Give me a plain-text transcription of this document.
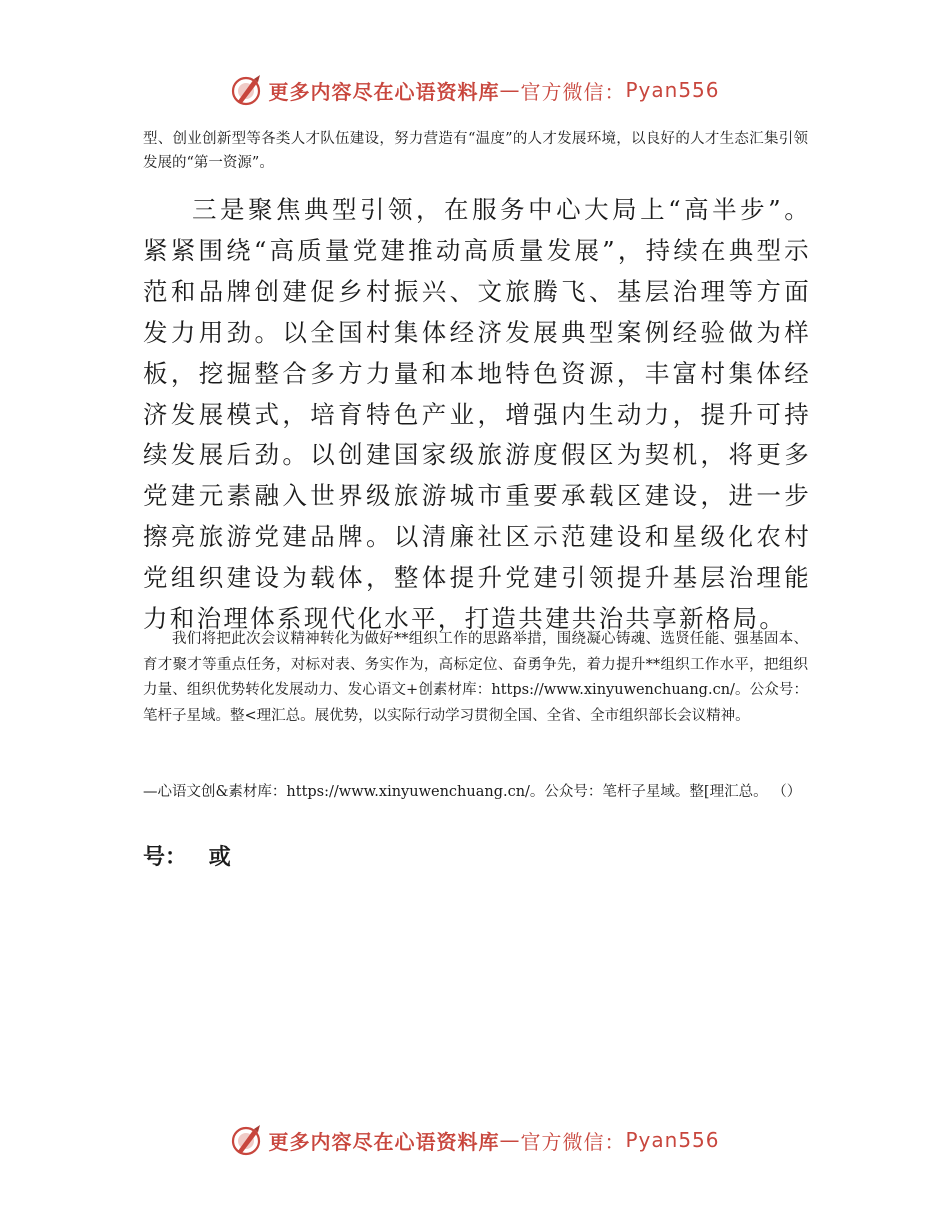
更多内容尽在心语资料库 — 官方微信： Pyan556

型、创业创新型等各类人才队伍建设，努力营造有“温度”的人才发展环境，以良好的人才生态汇集引领发展的“第一资源”。

三是聚焦典型引领，在服务中心大局上“高半步”。紧紧围绕“高质量党建推动高质量发展”，持续在典型示范和品牌创建促乡村振兴、文旅腾飞、基层治理等方面发力用劲。以全国村集体经济发展典型案例经验做为样板，挖掘整合多方力量和本地特色资源，丰富村集体经济发展模式，培育特色产业，增强内生动力，提升可持续发展后劲。以创建国家级旅游度假区为契机，将更多党建元素融入世界级旅游城市重要承载区建设，进一步擦亮旅游党建品牌。以清廉社区示范建设和星级化农村党组织建设为载体，整体提升党建引领提升基层治理能力和治理体系现代化水平，打造共建共治共享新格局。

我们将把此次会议精神转化为做好**组织工作的思路举措，围绕凝心铸魂、选贤任能、强基固本、育才聚才等重点任务，对标对表、务实作为，高标定位、奋勇争先，着力提升**组织工作水平，把组织力量、组织优势转化发展动力、发心语文+创素材库：https://www.xinyuwenchuang.cn/。公众号：笔杆子星域。整<理汇总。展优势，以实际行动学习贯彻全国、全省、全市组织部长会议精神。

—心语文创&素材库：https://www.xinyuwenchuang.cn/。公众号：笔杆子星域。整[理汇总。 （）

号： 或
更多内容尽在心语资料库 — 官方微信： Pyan556
